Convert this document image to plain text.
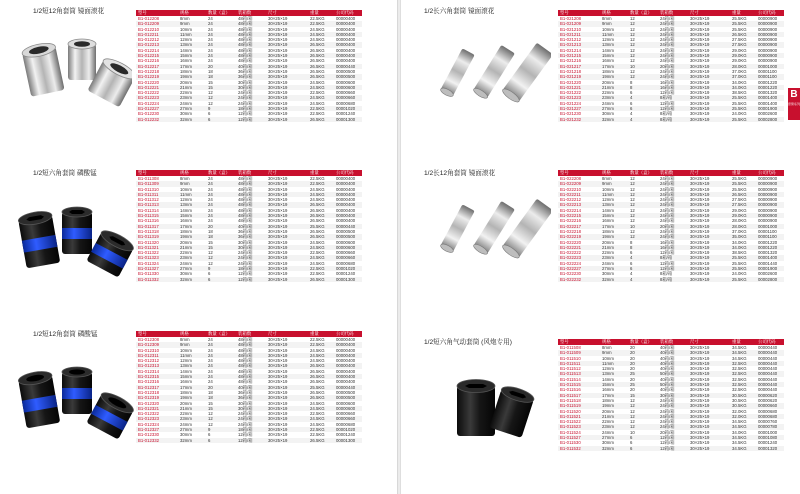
1/2短12角套筒 镜面滚花	型号	规格	数量（盒）	装箱数	尺寸	重量	公司代码
B1-012208	8mm	24	48箱/箱	30×25×19	22.5KG	00000400
B1-012209	9mm	24	48箱/箱	30×25×19	22.5KG	00000400
B1-012210	10mm	24	48箱/箱	30×25×19	24.5KG	00000400
B1-012211	11mm	24	48箱/箱	30×25×19	24.5KG	00000400
B1-012212	12mm	24	48箱/箱	30×25×19	24.5KG	00000400
B1-012213	13mm	24	48箱/箱	30×25×19	26.5KG	00000400
B1-012214	14mm	24	48箱/箱	30×25×19	26.5KG	00000400
B1-012215	15mm	24	48箱/箱	30×25×19	26.5KG	00000400
B1-012216	16mm	24	48箱/箱	30×25×19	26.5KG	00000400
B1-012217	17mm	20	40箱/箱	30×25×19	26.5KG	00000440
B1-012218	18mm	18	36箱/箱	30×25×19	26.5KG	00000500
B1-012219	19mm	18	36箱/箱	30×25×19	26.5KG	00000500
B1-012220	20mm	15	30箱/箱	30×25×19	24.5KG	00000600
B1-012221	21mm	15	30箱/箱	30×25×19	24.5KG	00000600
B1-012222	22mm	12	24箱/箱	30×25×19	22.5KG	00000660
B1-012223	23mm	12	24箱/箱	30×25×19	24.5KG	00000660
B1-012224	24mm	12	24箱/箱	30×25×19	24.5KG	00000680
B1-012227	27mm	9	18箱/箱	30×25×19	22.5KG	00001020
B1-012230	30mm	6	12箱/箱	30×25×19	22.5KG	00001240
B1-012232	32mm	6	12箱/箱	30×25×19	26.5KG	00001300
1/2短六角套筒 磷酸锰	型号	规格	数量（盒）	装箱数	尺寸	重量	公司代码
B1-011308	8mm	24	48箱/箱	30×25×19	22.5KG	00000400
B1-011309	9mm	24	48箱/箱	30×25×19	22.5KG	00000400
B1-011310	10mm	24	48箱/箱	30×25×19	24.5KG	00000400
B1-011311	11mm	24	48箱/箱	30×25×19	24.5KG	00000400
B1-011312	12mm	24	48箱/箱	30×25×19	24.5KG	00000400
B1-011313	13mm	24	48箱/箱	30×25×19	26.5KG	00000400
B1-011314	14mm	24	48箱/箱	30×25×19	26.5KG	00000400
B1-011315	15mm	24	48箱/箱	30×25×19	26.5KG	00000400
B1-011316	16mm	24	48箱/箱	30×25×19	26.5KG	00000400
B1-011317	17mm	20	40箱/箱	30×25×19	25.5KG	00000440
B1-011318	18mm	18	36箱/箱	30×25×19	26.5KG	00000500
B1-011319	19mm	18	36箱/箱	30×25×19	26.5KG	00000500
B1-011320	20mm	15	30箱/箱	30×25×19	24.5KG	00000600
B1-011321	21mm	15	30箱/箱	30×25×19	24.5KG	00000600
B1-011322	22mm	12	24箱/箱	30×25×19	22.5KG	00000660
B1-011323	23mm	12	24箱/箱	30×25×19	24.5KG	00000660
B1-011324	24mm	12	24箱/箱	30×25×19	24.5KG	00000680
B1-011327	27mm	9	18箱/箱	30×25×19	22.5KG	00001020
B1-011330	30mm	6	12箱/箱	30×25×19	22.5KG	00001240
B1-011332	32mm	6	12箱/箱	30×25×19	26.5KG	00001300
1/2短12角套筒 磷酸锰	型号	规格	数量（盒）	装箱数	尺寸	重量	公司代码
B1-012308	8mm	24	48箱/箱	30×25×19	22.5KG	00000400
B1-012309	9mm	24	48箱/箱	30×25×19	22.5KG	00000400
B1-012310	10mm	24	48箱/箱	30×25×19	24.5KG	00000400
B1-012311	11mm	24	48箱/箱	30×25×19	24.5KG	00000400
B1-012312	12mm	24	48箱/箱	30×25×19	24.5KG	00000400
B1-012313	13mm	24	48箱/箱	30×25×19	26.5KG	00000400
B1-012314	14mm	24	48箱/箱	30×25×19	26.5KG	00000400
B1-012315	15mm	24	48箱/箱	30×25×19	26.5KG	00000400
B1-012316	16mm	24	48箱/箱	30×25×19	26.5KG	00000400
B1-012317	17mm	20	40箱/箱	30×25×19	25.5KG	00000440
B1-012318	18mm	18	36箱/箱	30×25×19	26.5KG	00000500
B1-012319	19mm	18	36箱/箱	30×25×19	26.5KG	00000500
B1-012320	20mm	15	30箱/箱	30×25×19	24.5KG	00000600
B1-012321	21mm	15	30箱/箱	30×25×19	24.5KG	00000600
B1-012322	22mm	12	24箱/箱	30×25×19	22.5KG	00000660
B1-012323	23mm	12	24箱/箱	30×25×19	24.5KG	00000660
B1-012324	24mm	12	24箱/箱	30×25×19	24.5KG	00000680
B1-012327	27mm	9	18箱/箱	30×25×19	22.5KG	00001020
B1-012330	30mm	6	12箱/箱	30×25×19	22.5KG	00001240
B1-012332	32mm	6	12箱/箱	30×25×19	26.5KG	00001300
1/2长六角套筒 镜面滚花	型号	规格	数量（盒）	装箱数	尺寸	重量	公司代码
B1-021208	8mm	12	24箱/箱	30×25×19	25.5KG	00000900
B1-021209	9mm	12	24箱/箱	30×25×19	25.5KG	00000900
B1-021210	10mm	12	24箱/箱	30×25×19	25.5KG	00000900
B1-021211	11mm	12	24箱/箱	30×25×19	26.5KG	00000900
B1-021212	12mm	12	24箱/箱	30×25×19	27.5KG	00000900
B1-021213	13mm	12	24箱/箱	30×25×19	27.5KG	00000900
B1-021214	14mm	12	24箱/箱	30×25×19	29.0KG	00000900
B1-021215	15mm	12	24箱/箱	30×25×19	29.0KG	00000900
B1-021216	16mm	12	24箱/箱	30×25×19	29.0KG	00000900
B1-021217	17mm	10	20箱/箱	30×25×19	28.0KG	00001000
B1-021218	18mm	12	24箱/箱	30×25×19	37.0KG	00001100
B1-021219	19mm	12	24箱/箱	30×25×19	37.0KG	00001100
B1-021220	20mm	8	16箱/箱	30×25×19	34.0KG	00001220
B1-021221	21mm	8	16箱/箱	30×25×19	34.0KG	00001220
B1-021222	22mm	6	12箱/箱	30×25×19	38.5KG	00001320
B1-021223	23mm	4	8箱/箱	30×25×19	25.5KG	00001400
B1-021224	24mm	6	12箱/箱	30×25×19	25.5KG	00001400
B1-021227	27mm	6	12箱/箱	30×25×19	25.5KG	00001900
B1-021230	30mm	4	8箱/箱	30×25×19	24.0KG	00002600
B1-021232	32mm	4	8箱/箱	30×25×19	25.5KG	00002800
1/2长12角套筒 镜面滚花	型号	规格	数量（盒）	装箱数	尺寸	重量	公司代码
B1-022208	8mm	12	24箱/箱	30×25×19	25.5KG	00000900
B1-022209	9mm	12	24箱/箱	30×25×19	25.5KG	00000900
B1-022210	10mm	12	24箱/箱	30×25×19	25.5KG	00000900
B1-022211	11mm	12	24箱/箱	30×25×19	26.5KG	00000900
B1-022212	12mm	12	24箱/箱	30×25×19	27.5KG	00000900
B1-022213	13mm	12	24箱/箱	30×25×19	27.5KG	00000900
B1-022214	14mm	12	24箱/箱	30×25×19	29.0KG	00000900
B1-022215	15mm	12	24箱/箱	30×25×19	29.0KG	00000900
B1-022216	16mm	12	24箱/箱	30×25×19	28.0KG	00000900
B1-022217	17mm	10	20箱/箱	30×25×19	28.0KG	00001000
B1-022218	18mm	12	24箱/箱	30×25×19	37.0KG	00001100
B1-022219	19mm	12	24箱/箱	30×25×19	35.0KG	00001100
B1-022220	20mm	8	16箱/箱	30×25×19	34.0KG	00001220
B1-022221	21mm	8	16箱/箱	30×25×19	34.0KG	00001220
B1-022222	22mm	6	12箱/箱	30×25×19	38.5KG	00001320
B1-022223	23mm	4	8箱/箱	30×25×19	25.5KG	00001400
B1-022224	24mm	6	12箱/箱	30×25×19	25.5KG	00001440
B1-022227	27mm	6	12箱/箱	30×25×19	25.5KG	00001900
B1-022230	30mm	4	8箱/箱	30×25×19	24.0KG	00002600
B1-022232	32mm	4	8箱/箱	30×25×19	25.5KG	00002800
1/2短六角气动套筒 (风炮专用)	型号	规格	数量（盒）	装箱数	尺寸	重量	公司代码
B1-011508	8mm	20	40箱/箱	30×25×19	34.5KG	00000440
B1-011509	9mm	20	40箱/箱	30×25×19	34.5KG	00000440
B1-011510	10mm	20	40箱/箱	30×25×19	34.5KG	00000440
B1-011511	11mm	20	40箱/箱	30×25×19	32.5KG	00000440
B1-011512	12mm	20	40箱/箱	30×25×19	32.5KG	00000440
B1-011513	13mm	25	50箱/箱	30×25×19	32.5KG	00000440
B1-011514	14mm	20	40箱/箱	30×25×19	32.5KG	00000440
B1-011515	15mm	25	50箱/箱	30×25×19	32.5KG	00000440
B1-011516	16mm	20	40箱/箱	30×25×19	32.5KG	00000440
B1-011517	17mm	15	30箱/箱	30×25×19	30.5KG	00000620
B1-011518	18mm	12	24箱/箱	30×25×19	30.5KG	00000620
B1-011519	19mm	12	24箱/箱	30×25×19	30.5KG	00000660
B1-011520	20mm	12	24箱/箱	30×25×19	32.0KG	00000680
B1-011521	21mm	12	24箱/箱	30×25×19	32.0KG	00000680
B1-011522	22mm	12	24箱/箱	30×25×19	34.5KG	00000760
B1-011523	23mm	12	24箱/箱	30×25×19	34.5KG	00000780
B1-011524	24mm	10	20箱/箱	30×25×19	34.0KG	00001000
B1-011527	27mm	6	12箱/箱	30×25×19	34.5KG	00001080
B1-011530	30mm	6	12箱/箱	30×25×19	34.5KG	00001240
B1-011532	32mm	6	12箱/箱	30×25×19	34.5KG	00001320
B
套筒系列
